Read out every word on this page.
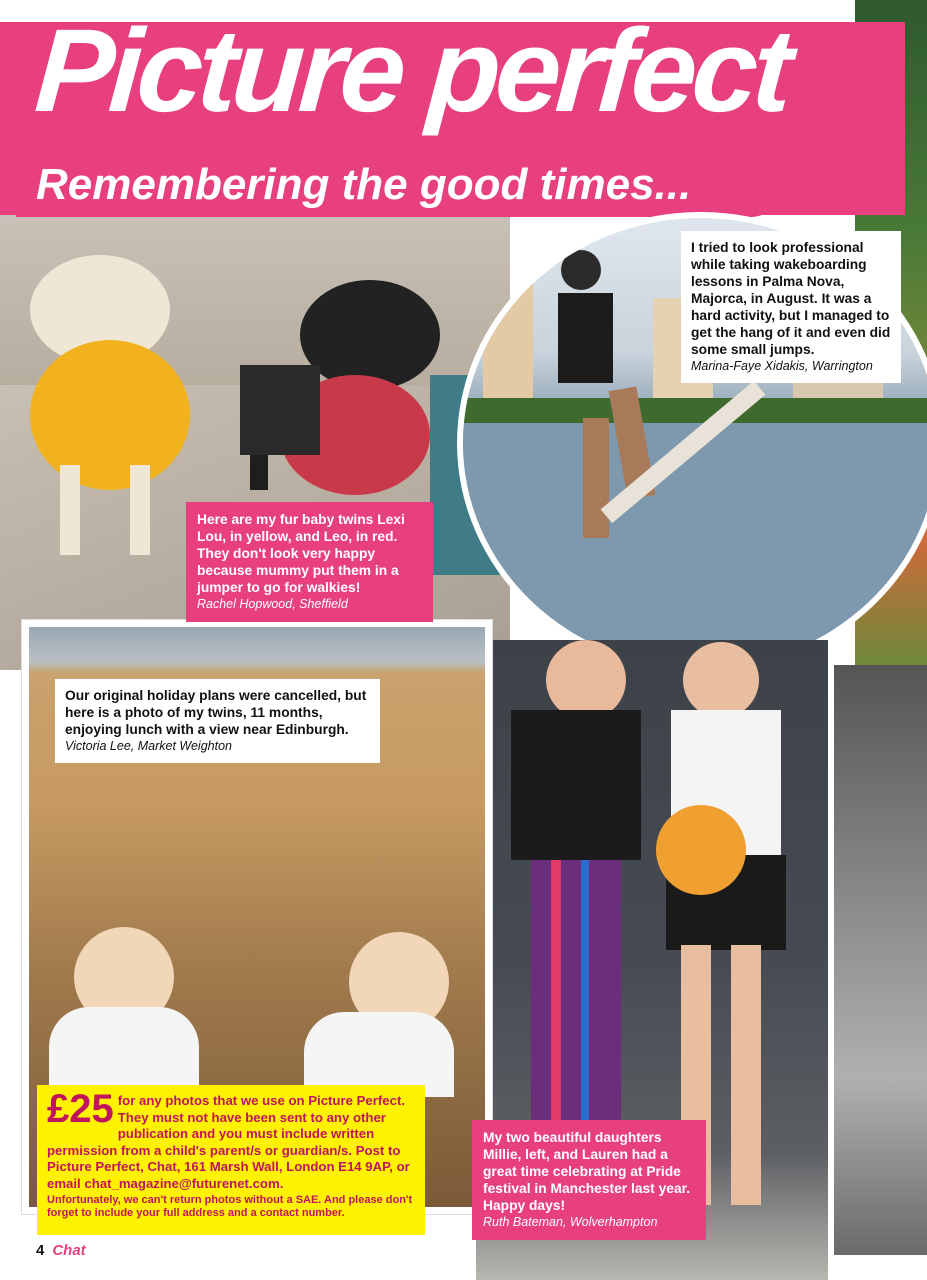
Picture perfect
Remembering the good times...
Here are my fur baby twins Lexi Lou, in yellow, and Leo, in red. They don't look very happy because mummy put them in a jumper to go for walkies!
Rachel Hopwood, Sheffield
I tried to look professional while taking wakeboarding lessons in Palma Nova, Majorca, in August. It was a hard activity, but I managed to get the hang of it and even did some small jumps.
Marina-Faye Xidakis, Warrington
Our original holiday plans were cancelled, but here is a photo of my twins, 11 months, enjoying lunch with a view near Edinburgh.
Victoria Lee, Market Weighton
My two beautiful daughters Millie, left, and Lauren had a great time celebrating at Pride festival in Manchester last year. Happy days!
Ruth Bateman, Wolverhampton
£25 for any photos that we use on Picture Perfect. They must not have been sent to any other publication and you must include written permission from a child's parent/s or guardian/s. Post to Picture Perfect, Chat, 161 Marsh Wall, London E14 9AP, or email chat_magazine@futurenet.com.
Unfortunately, we can't return photos without a SAE. And please don't forget to include your full address and a contact number.
4 Chat
